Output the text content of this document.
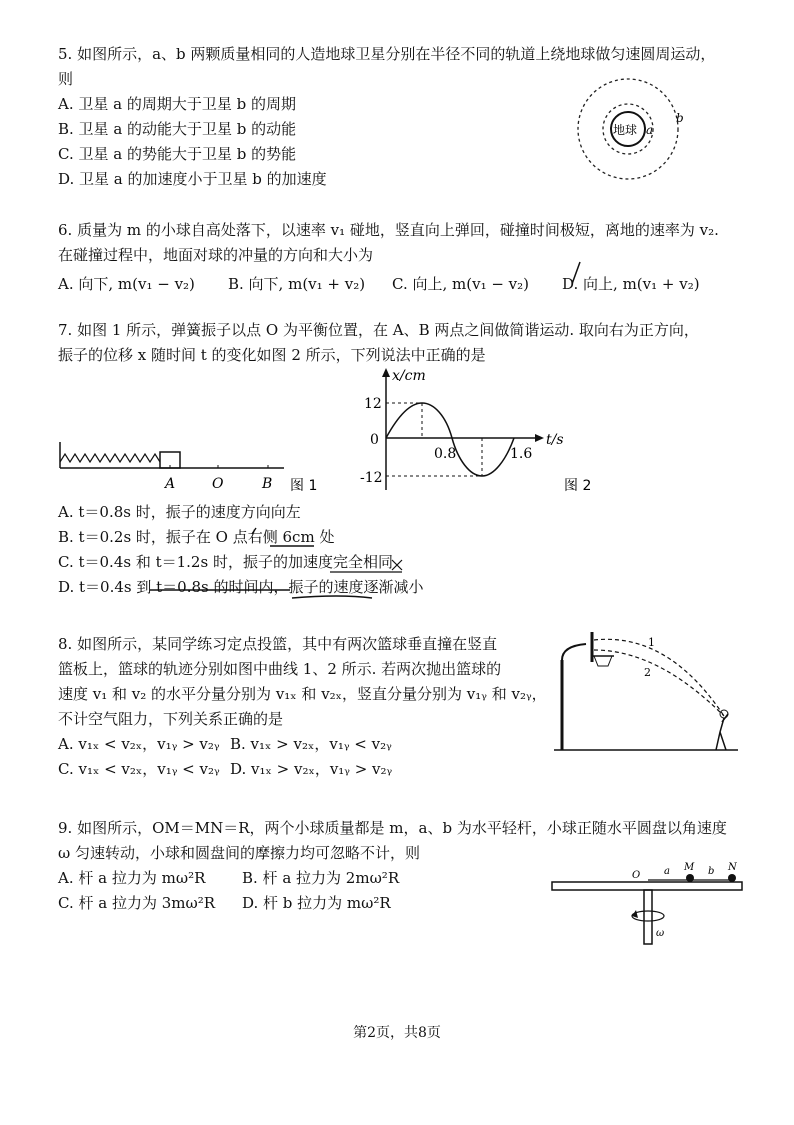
5. 如图所示，a、b 两颗质量相同的人造地球卫星分别在半径不同的轨道上绕地球做匀速圆周运动，
则
A. 卫星 a 的周期大于卫星 b 的周期
B. 卫星 a 的动能大于卫星 b 的动能
C. 卫星 a 的势能大于卫星 b 的势能
D. 卫星 a 的加速度小于卫星 b 的加速度
地球 a
b
6. 质量为 m 的小球自高处落下，以速率 v₁ 碰地，竖直向上弹回，碰撞时间极短，离地的速率为 v₂.
在碰撞过程中，地面对球的冲量的方向和大小为
A. 向下, m(v₁ − v₂)	B. 向下, m(v₁ + v₂)	C. 向上, m(v₁ − v₂)	D. 向上, m(v₁ + v₂)
7. 如图 1 所示，弹簧振子以点 O 为平衡位置，在 A、B 两点之间做简谐运动. 取向右为正方向，
振子的位移 x 随时间 t 的变化如图 2 所示，下列说法中正确的是
A	O	B 图 1
x/cm
t/s
12
0
-12
0.8	1.6
图 2
A. t＝0.8s 时，振子的速度方向向左
B. t＝0.2s 时，振子在 O 点右侧 6cm 处
C. t＝0.4s 和 t＝1.2s 时，振子的加速度完全相同
D. t＝0.4s 到 t＝0.8s 的时间内，振子的速度逐渐减小
8. 如图所示，某同学练习定点投篮，其中有两次篮球垂直撞在竖直
篮板上，篮球的轨迹分别如图中曲线 1、2 所示. 若两次抛出篮球的
速度 v₁ 和 v₂ 的水平分量分别为 v₁ₓ 和 v₂ₓ，竖直分量分别为 v₁ᵧ 和 v₂ᵧ，
不计空气阻力，下列关系正确的是
A. v₁ₓ < v₂ₓ，v₁ᵧ > v₂ᵧ B. v₁ₓ > v₂ₓ，v₁ᵧ < v₂ᵧ
C. v₁ₓ < v₂ₓ，v₁ᵧ < v₂ᵧ D. v₁ₓ > v₂ₓ，v₁ᵧ > v₂ᵧ
1
2
9. 如图所示，OM＝MN＝R，两个小球质量都是 m，a、b 为水平轻杆，小球正随水平圆盘以角速度
ω 匀速转动，小球和圆盘间的摩擦力均可忽略不计，则
A. 杆 a 拉力为 mω²R	B. 杆 a 拉力为 2mω²R
C. 杆 a 拉力为 3mω²R	D. 杆 b 拉力为 mω²R
ω
O a M b N
第2页，共8页
